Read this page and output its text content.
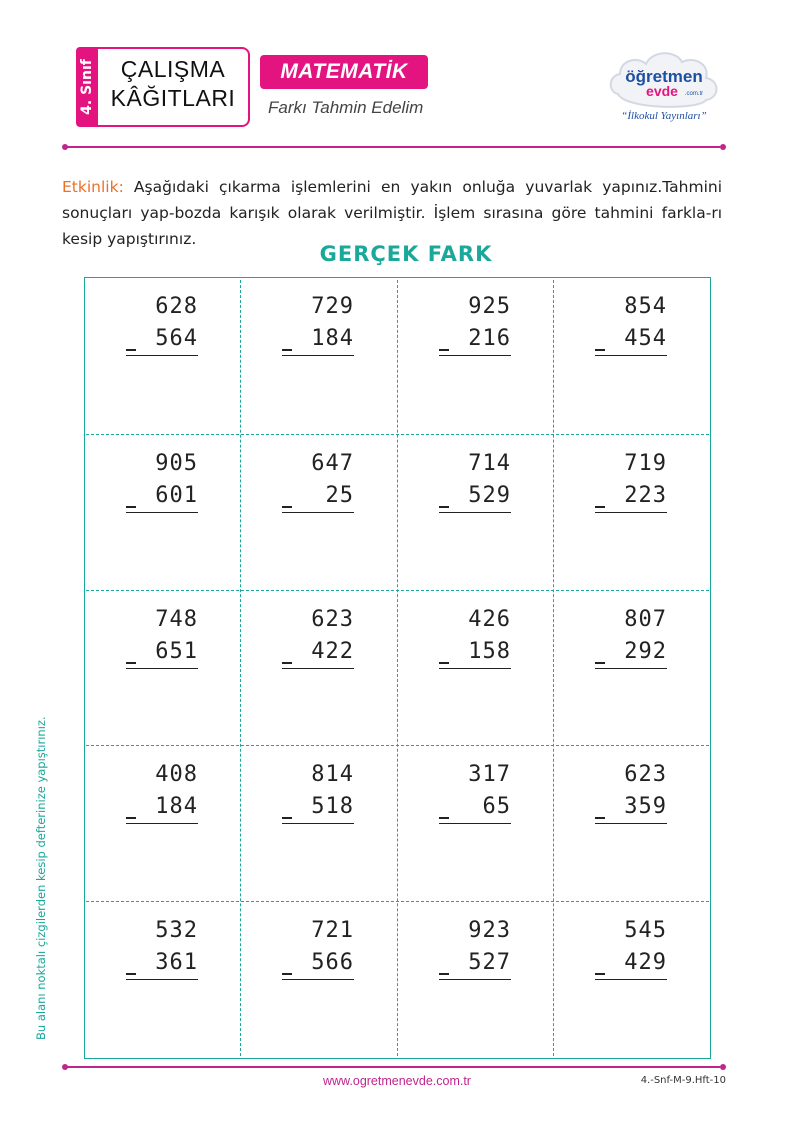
4. Sınıf	ÇALIŞMA
KÂĞITLARI
MATEMATİK
Farkı Tahmin Edelim
öğretmen
evde .com.tr
“İlkokul Yayınları”
Etkinlik: Aşağıdaki çıkarma işlemlerini en yakın onluğa yuvarlak yapınız.Tahmini sonuçları yap-bozda karışık olarak verilmiştir. İşlem sırasına göre tahmini farkla-rı kesip yapıştırınız.
GERÇEK FARK
628
564
729
184
925
216
854
454
905
601
647
25
714
529
719
223
748
651
623
422
426
158
807
292
408
184
814
518
317
65
623
359
532
361
721
566
923
527
545
429
Bu alanı noktalı çizgilerden kesip defterinize yapıştırınız.
www.ogretmenevde.com.tr	4.-Snf-M-9.Hft-10
